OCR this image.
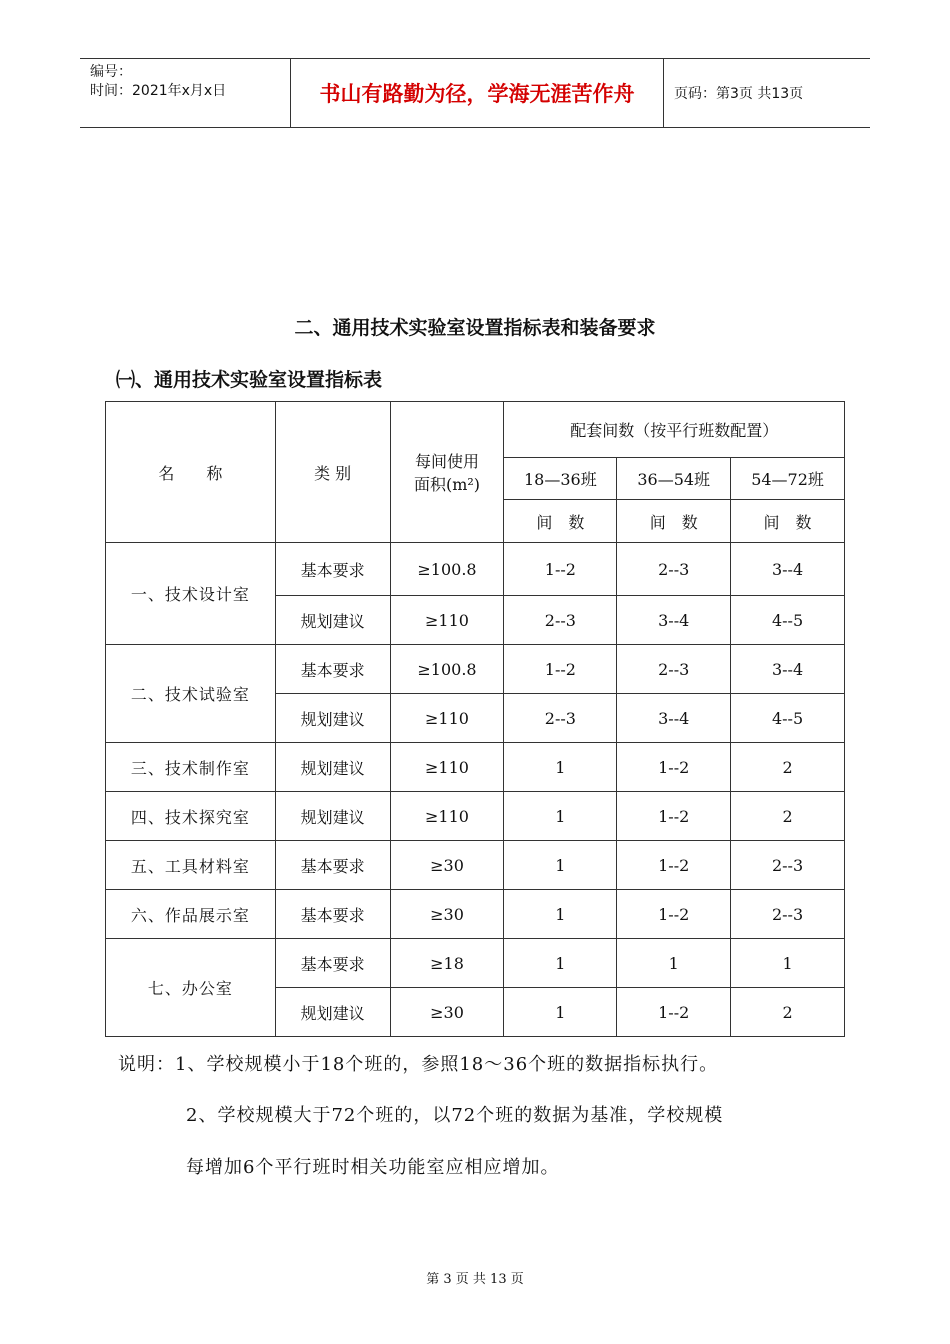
编号：
时间：2021年x月x日	书山有路勤为径，学海无涯苦作舟	页码：第3页 共13页
二、通用技术实验室设置指标表和装备要求
㈠、通用技术实验室设置指标表
名　　称	类 别	每间使用
面积(m²)	配套间数（按平行班数配置）		
			18—36班	36—54班	54—72班
			间　数	间　数	间　数
一、技术设计室	基本要求	≥100.8	1--2	2--3	3--4
	规划建议	≥110	2--3	3--4	4--5
二、技术试验室	基本要求	≥100.8	1--2	2--3	3--4
	规划建议	≥110	2--3	3--4	4--5
三、技术制作室	规划建议	≥110	1	1--2	2
四、技术探究室	规划建议	≥110	1	1--2	2
五、工具材料室	基本要求	≥30	1	1--2	2--3
六、作品展示室	基本要求	≥30	1	1--2	2--3
七、办公室	基本要求	≥18	1	1	1
	规划建议	≥30	1	1--2	2
说明：1、学校规模小于18个班的，参照18～36个班的数据指标执行。
2、学校规模大于72个班的，以72个班的数据为基准，学校规模
每增加6个平行班时相关功能室应相应增加。
第 3 页 共 13 页
